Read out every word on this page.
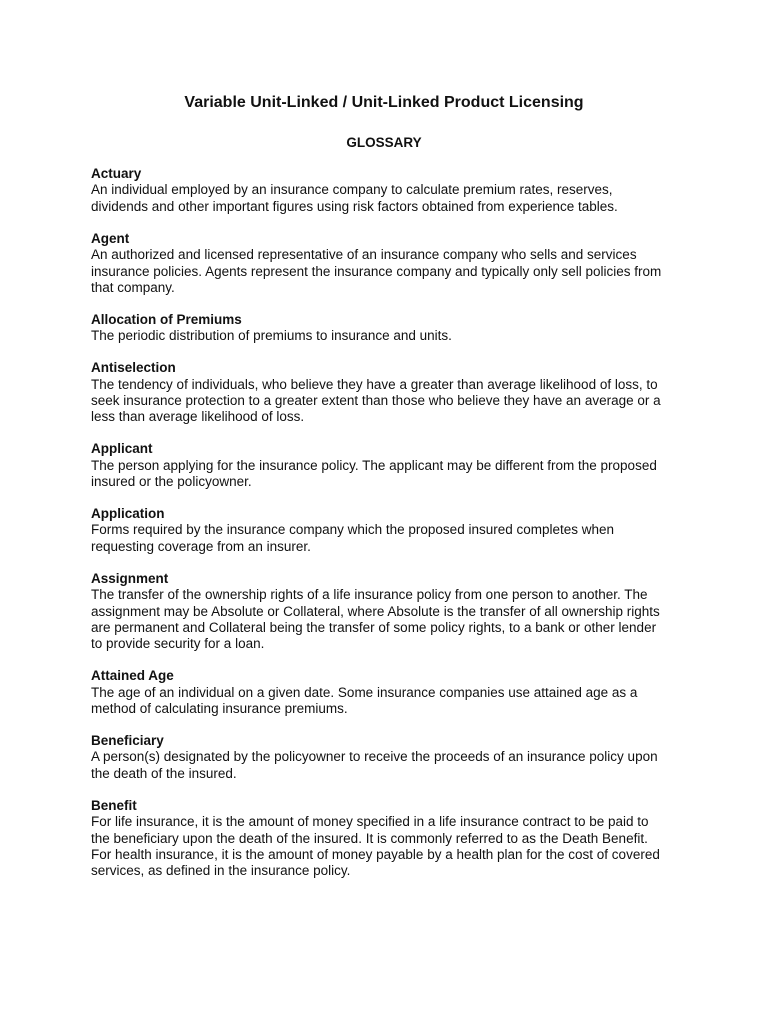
Variable Unit-Linked / Unit-Linked Product Licensing
GLOSSARY
Actuary
An individual employed by an insurance company to calculate premium rates, reserves,
dividends and other important figures using risk factors obtained from experience tables.
Agent
An authorized and licensed representative of an insurance company who sells and services
insurance policies. Agents represent the insurance company and typically only sell policies from
that company.
Allocation of Premiums
The periodic distribution of premiums to insurance and units.
Antiselection
The tendency of individuals, who believe they have a greater than average likelihood of loss, to
seek insurance protection to a greater extent than those who believe they have an average or a
less than average likelihood of loss.
Applicant
The person applying for the insurance policy. The applicant may be different from the proposed
insured or the policyowner.
Application
Forms required by the insurance company which the proposed insured completes when
requesting coverage from an insurer.
Assignment
The transfer of the ownership rights of a life insurance policy from one person to another. The
assignment may be Absolute or Collateral, where Absolute is the transfer of all ownership rights
are permanent and Collateral being the transfer of some policy rights, to a bank or other lender
to provide security for a loan.
Attained Age
The age of an individual on a given date. Some insurance companies use attained age as a
method of calculating insurance premiums.
Beneficiary
A person(s) designated by the policyowner to receive the proceeds of an insurance policy upon
the death of the insured.
Benefit
For life insurance, it is the amount of money specified in a life insurance contract to be paid to
the beneficiary upon the death of the insured. It is commonly referred to as the Death Benefit.
For health insurance, it is the amount of money payable by a health plan for the cost of covered
services, as defined in the insurance policy.
